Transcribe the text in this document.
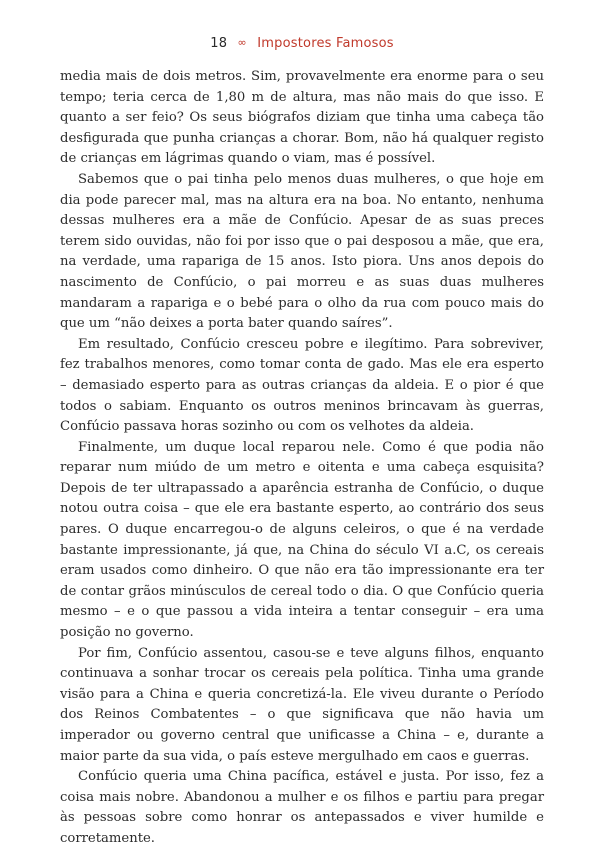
18 ∞ Impostores Famosos

media mais de dois metros. Sim, provavelmente era enorme para o seu tempo; teria cerca de 1,80 m de altura, mas não mais do que isso. E quanto a ser feio? Os seus biógrafos diziam que tinha uma cabeça tão desfigurada que punha crianças a chorar. Bom, não há qualquer registo de crianças em lágrimas quando o viam, mas é possível.

Sabemos que o pai tinha pelo menos duas mulheres, o que hoje em dia pode parecer mal, mas na altura era na boa. No entanto, nenhuma dessas mulheres era a mãe de Confúcio. Apesar de as suas preces terem sido ouvidas, não foi por isso que o pai desposou a mãe, que era, na verdade, uma rapariga de 15 anos. Isto piora. Uns anos depois do nascimento de Confúcio, o pai morreu e as suas duas mulheres mandaram a rapariga e o bebé para o olho da rua com pouco mais do que um “não deixes a porta bater quando saíres”.

Em resultado, Confúcio cresceu pobre e ilegítimo. Para sobreviver, fez trabalhos menores, como tomar conta de gado. Mas ele era esperto – demasiado esperto para as outras crianças da aldeia. E o pior é que todos o sabiam. Enquanto os outros meninos brincavam às guerras, Confúcio passava horas sozinho ou com os velhotes da aldeia.

Finalmente, um duque local reparou nele. Como é que podia não reparar num miúdo de um metro e oitenta e uma cabeça esquisita? Depois de ter ultrapassado a aparência estranha de Confúcio, o duque notou outra coisa – que ele era bastante esperto, ao contrário dos seus pares. O duque encarregou-o de alguns celeiros, o que é na verdade bastante impressionante, já que, na China do século VI a.C, os cereais eram usados como dinheiro. O que não era tão impressionante era ter de contar grãos minúsculos de cereal todo o dia. O que Confúcio queria mesmo – e o que passou a vida inteira a tentar conseguir – era uma posição no governo.

Por fim, Confúcio assentou, casou-se e teve alguns filhos, enquanto continuava a sonhar trocar os cereais pela política. Tinha uma grande visão para a China e queria concretizá-la. Ele viveu durante o Período dos Reinos Combatentes – o que significava que não havia um imperador ou governo central que unificasse a China – e, durante a maior parte da sua vida, o país esteve mergulhado em caos e guerras.

Confúcio queria uma China pacífica, estável e justa. Por isso, fez a coisa mais nobre. Abandonou a mulher e os filhos e partiu para pregar às pessoas sobre como honrar os antepassados e viver humilde e corretamente.
